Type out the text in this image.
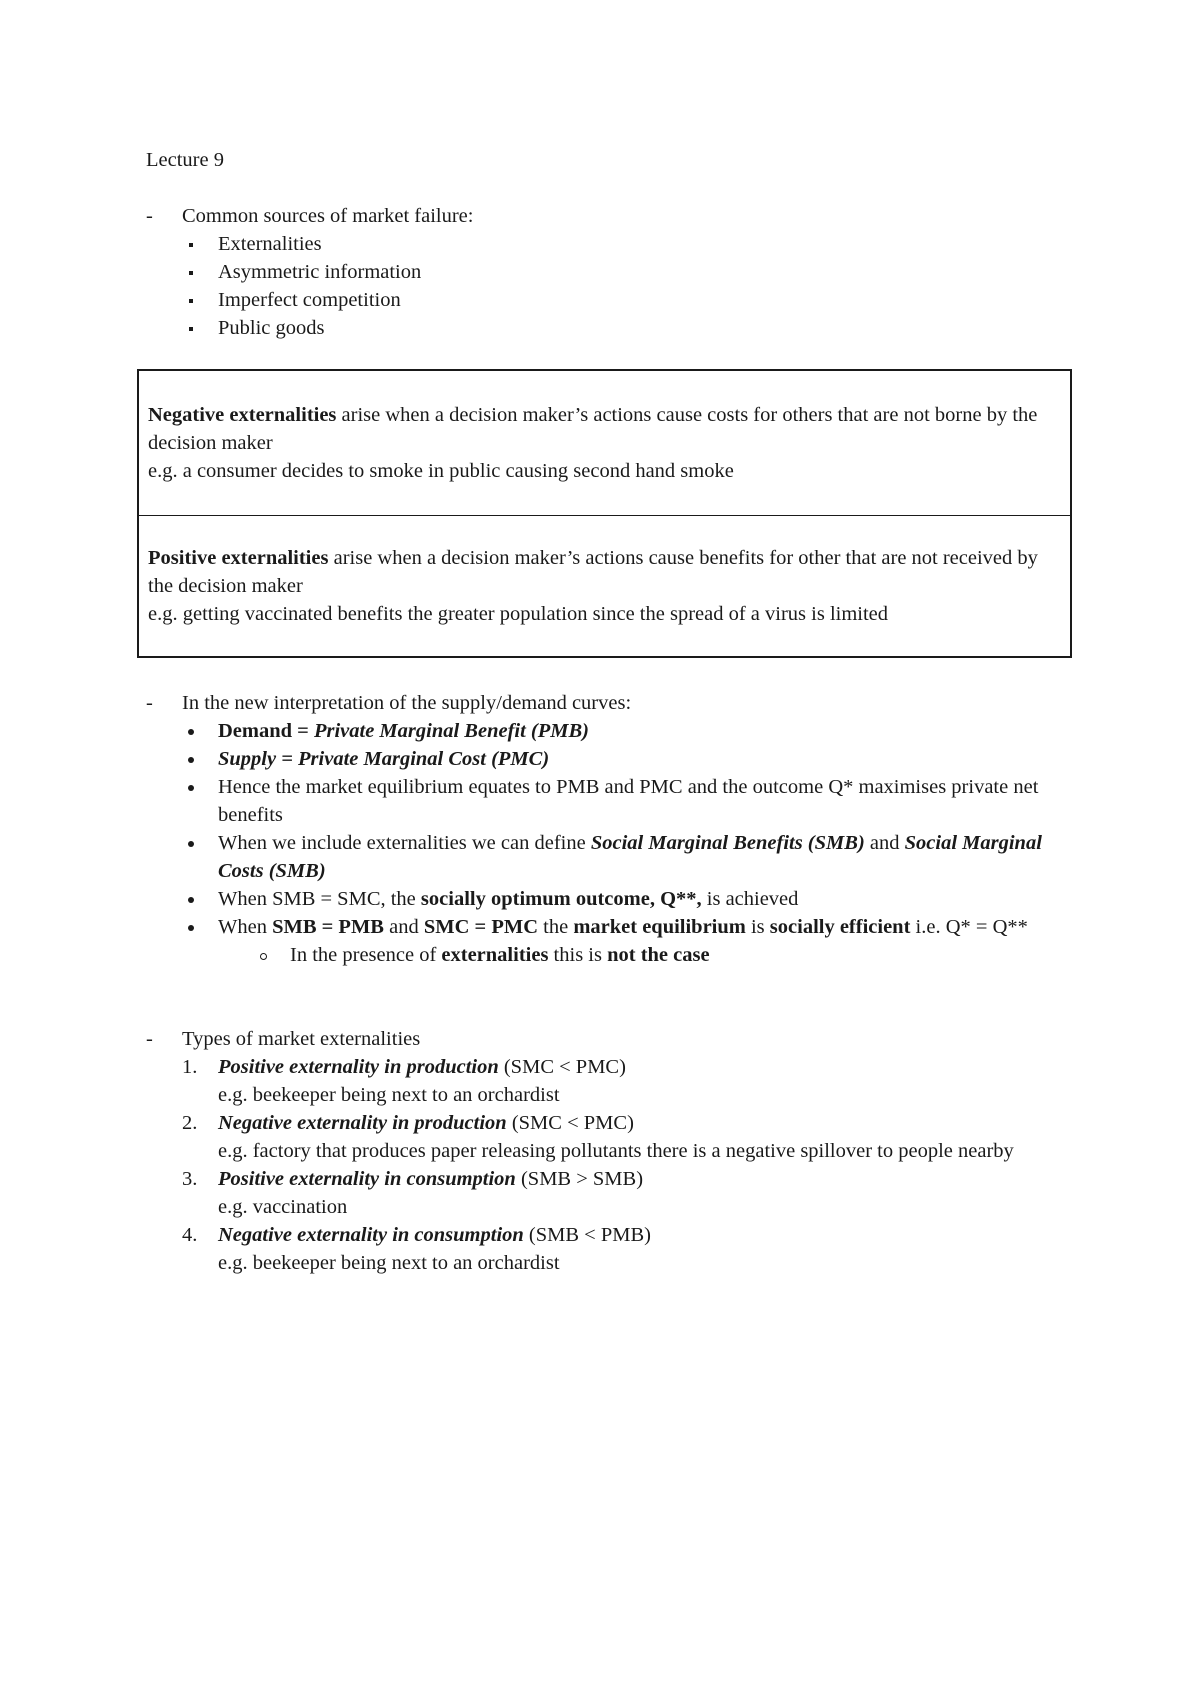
Lecture 9

- Common sources of market failure:
Externalities
Asymmetric information
Imperfect competition
Public goods

Negative externalities arise when a decision maker’s actions cause costs for others that are not borne by the decision maker
e.g. a consumer decides to smoke in public causing second hand smoke

Positive externalities arise when a decision maker’s actions cause benefits for other that are not received by the decision maker
e.g. getting vaccinated benefits the greater population since the spread of a virus is limited

- In the new interpretation of the supply/demand curves:
Demand = Private Marginal Benefit (PMB)
Supply = Private Marginal Cost (PMC)
Hence the market equilibrium equates to PMB and PMC and the outcome Q* maximises private net benefits
When we include externalities we can define Social Marginal Benefits (SMB) and Social Marginal Costs (SMB)
When SMB = SMC, the socially optimum outcome, Q**, is achieved
When SMB = PMB and SMC = PMC the market equilibrium is socially efficient i.e. Q* = Q**
In the presence of externalities this is not the case
- Types of market externalities
1. Positive externality in production (SMC < PMC)
e.g. beekeeper being next to an orchardist
2. Negative externality in production (SMC < PMC)
e.g. factory that produces paper releasing pollutants there is a negative spillover to people nearby
3. Positive externality in consumption (SMB > SMB)
e.g. vaccination
4. Negative externality in consumption (SMB < PMB)
e.g. beekeeper being next to an orchardist
